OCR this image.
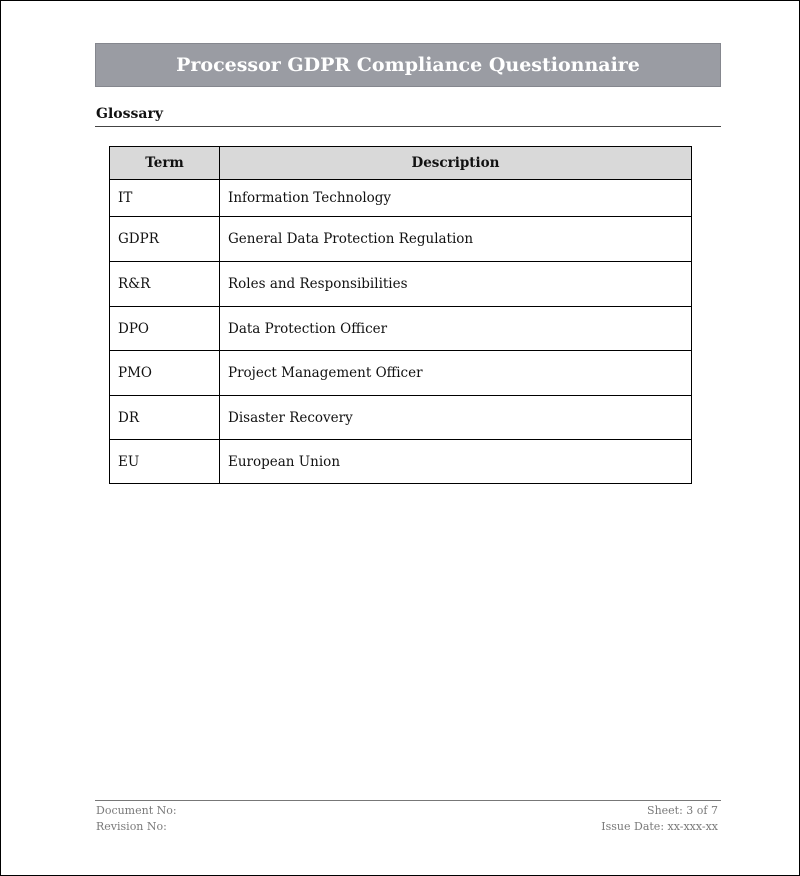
Processor GDPR Compliance Questionnaire
Glossary
Term	Description
IT	Information Technology
GDPR	General Data Protection Regulation
R&R	Roles and Responsibilities
DPO	Data Protection Officer
PMO	Project Management Officer
DR	Disaster Recovery
EU	European Union
Document No:
Revision No:
Sheet: 3 of 7
Issue Date: xx-xxx-xx
